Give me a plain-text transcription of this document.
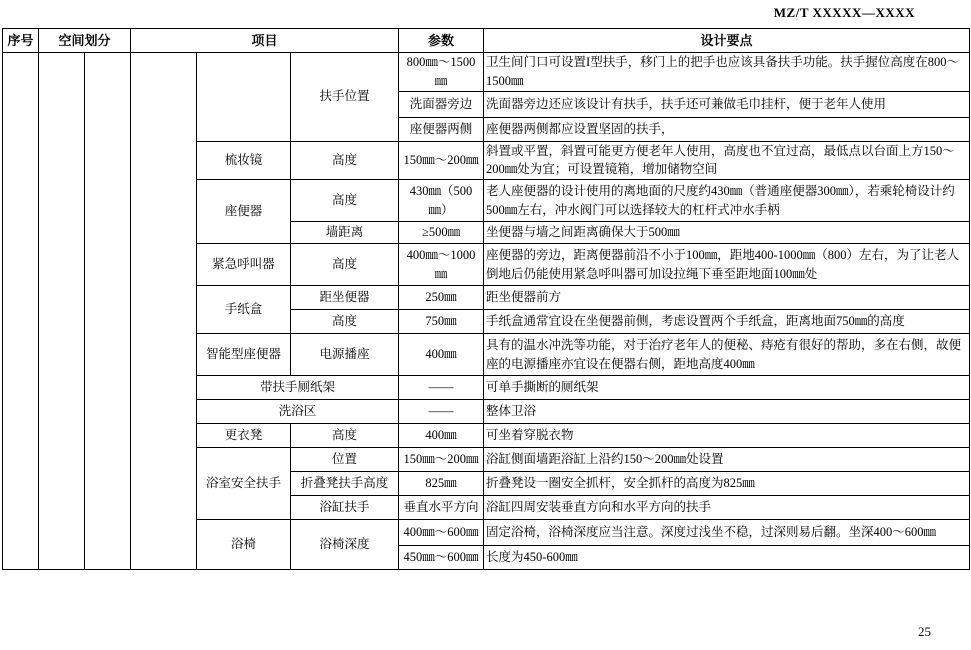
MZ/T XXXXX—XXXX
序号	空间划分		项目			参数	设计要点
					扶手位置	800㎜～1500㎜	卫生间门口可设置I型扶手，移门上的把手也应该具备扶手功能。扶手握位高度在800～1500㎜
						洗面器旁边	洗面器旁边还应该设计有扶手，扶手还可兼做毛巾挂杆，便于老年人使用
						座便器两侧	座便器两侧都应设置坚固的扶手，
				梳妆镜	高度	150㎜～200㎜	斜置或平置，斜置可能更方便老年人使用，高度也不宜过高，最低点以台面上方150～200㎜处为宜；可设置镜箱，增加储物空间
				座便器	高度	430㎜（500㎜）	老人座便器的设计使用的离地面的尺度约430㎜（普通座便器300㎜），若乘轮椅设计约500㎜左右，冲水阀门可以选择较大的杠杆式冲水手柄
					墙距离	≥500㎜	坐便器与墙之间距离确保大于500㎜
				紧急呼叫器	高度	400㎜～1000㎜	座便器的旁边，距离便器前沿不小于100㎜，距地400-1000㎜（800）左右，为了让老人倒地后仍能使用紧急呼叫器可加设拉绳下垂至距地面100㎜处
				手纸盒	距坐便器	250㎜	距坐便器前方
					高度	750㎜	手纸盒通常宜设在坐便器前侧，考虑设置两个手纸盒，距离地面750㎜的高度
				智能型座便器	电源播座	400㎜	具有的温水冲洗等功能，对于治疗老年人的便秘、痔疮有很好的帮助，多在右侧，故便座的电源播座亦宜设在便器右侧，距地高度400㎜
				带扶手厕纸架		——	可单手撕断的厕纸架
				洗浴区		——	整体卫浴
				更衣凳	高度	400㎜	可坐着穿脱衣物
				浴室安全扶手	位置	150㎜～200㎜	浴缸侧面墙距浴缸上沿约150～200㎜处设置
					折叠凳扶手高度	825㎜	折叠凳设一圈安全抓杆，安全抓杆的高度为825㎜
					浴缸扶手	垂直水平方向	浴缸四周安装垂直方向和水平方向的扶手
				浴椅	浴椅深度	400㎜～600㎜	固定浴椅，浴椅深度应当注意。深度过浅坐不稳，过深则易后翻。坐深400～600㎜
						450㎜～600㎜	长度为450-600㎜
25
